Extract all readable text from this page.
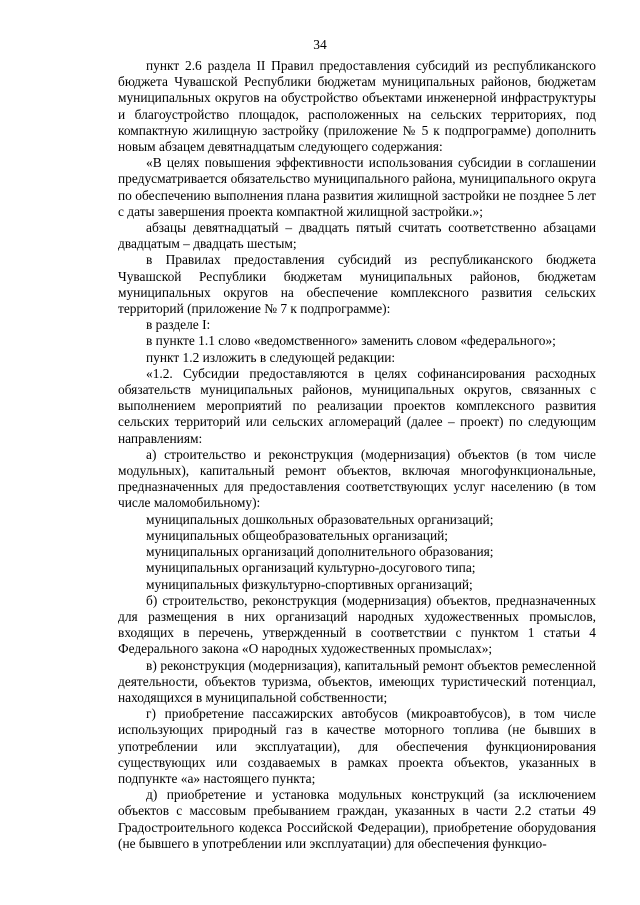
34

пункт 2.6 раздела II Правил предоставления субсидий из республиканского бюджета Чувашской Республики бюджетам муниципальных районов, бюджетам муниципальных округов на обустройство объектами инженерной инфраструктуры и благоустройство площадок, расположенных на сельских территориях, под компактную жилищную застройку (приложение № 5 к подпрограмме) дополнить новым абзацем девятнадцатым следующего содержания:

«В целях повышения эффективности использования субсидии в соглашении предусматривается обязательство муниципального района, муниципального округа по обеспечению выполнения плана развития жилищной застройки не позднее 5 лет с даты завершения проекта компактной жилищной застройки.»;

абзацы девятнадцатый – двадцать пятый считать соответственно абзацами двадцатым – двадцать шестым;

в Правилах предоставления субсидий из республиканского бюджета Чувашской Республики бюджетам муниципальных районов, бюджетам муниципальных округов на обеспечение комплексного развития сельских территорий (приложение № 7 к подпрограмме):

в разделе I:

в пункте 1.1 слово «ведомственного» заменить словом «федерального»;

пункт 1.2 изложить в следующей редакции:

«1.2. Субсидии предоставляются в целях софинансирования расходных обязательств муниципальных районов, муниципальных округов, связанных с выполнением мероприятий по реализации проектов комплексного развития сельских территорий или сельских агломераций (далее – проект) по следующим направлениям:

а) строительство и реконструкция (модернизация) объектов (в том числе модульных), капитальный ремонт объектов, включая многофункциональные, предназначенных для предоставления соответствующих услуг населению (в том числе маломобильному):

муниципальных дошкольных образовательных организаций;

муниципальных общеобразовательных организаций;

муниципальных организаций дополнительного образования;

муниципальных организаций культурно-досугового типа;

муниципальных физкультурно-спортивных организаций;

б) строительство, реконструкция (модернизация) объектов, предназначенных для размещения в них организаций народных художественных промыслов, входящих в перечень, утвержденный в соответствии с пунктом 1 статьи 4 Федерального закона «О народных художественных промыслах»;

в) реконструкция (модернизация), капитальный ремонт объектов ремесленной деятельности, объектов туризма, объектов, имеющих туристический потенциал, находящихся в муниципальной собственности;

г) приобретение пассажирских автобусов (микроавтобусов), в том числе использующих природный газ в качестве моторного топлива (не бывших в употреблении или эксплуатации), для обеспечения функционирования существующих или создаваемых в рамках проекта объектов, указанных в подпункте «а» настоящего пункта;

д) приобретение и установка модульных конструкций (за исключением объектов с массовым пребыванием граждан, указанных в части 2.2 статьи 49 Градостроительного кодекса Российской Федерации), приобретение оборудования (не бывшего в употреблении или эксплуатации) для обеспечения функцио-
